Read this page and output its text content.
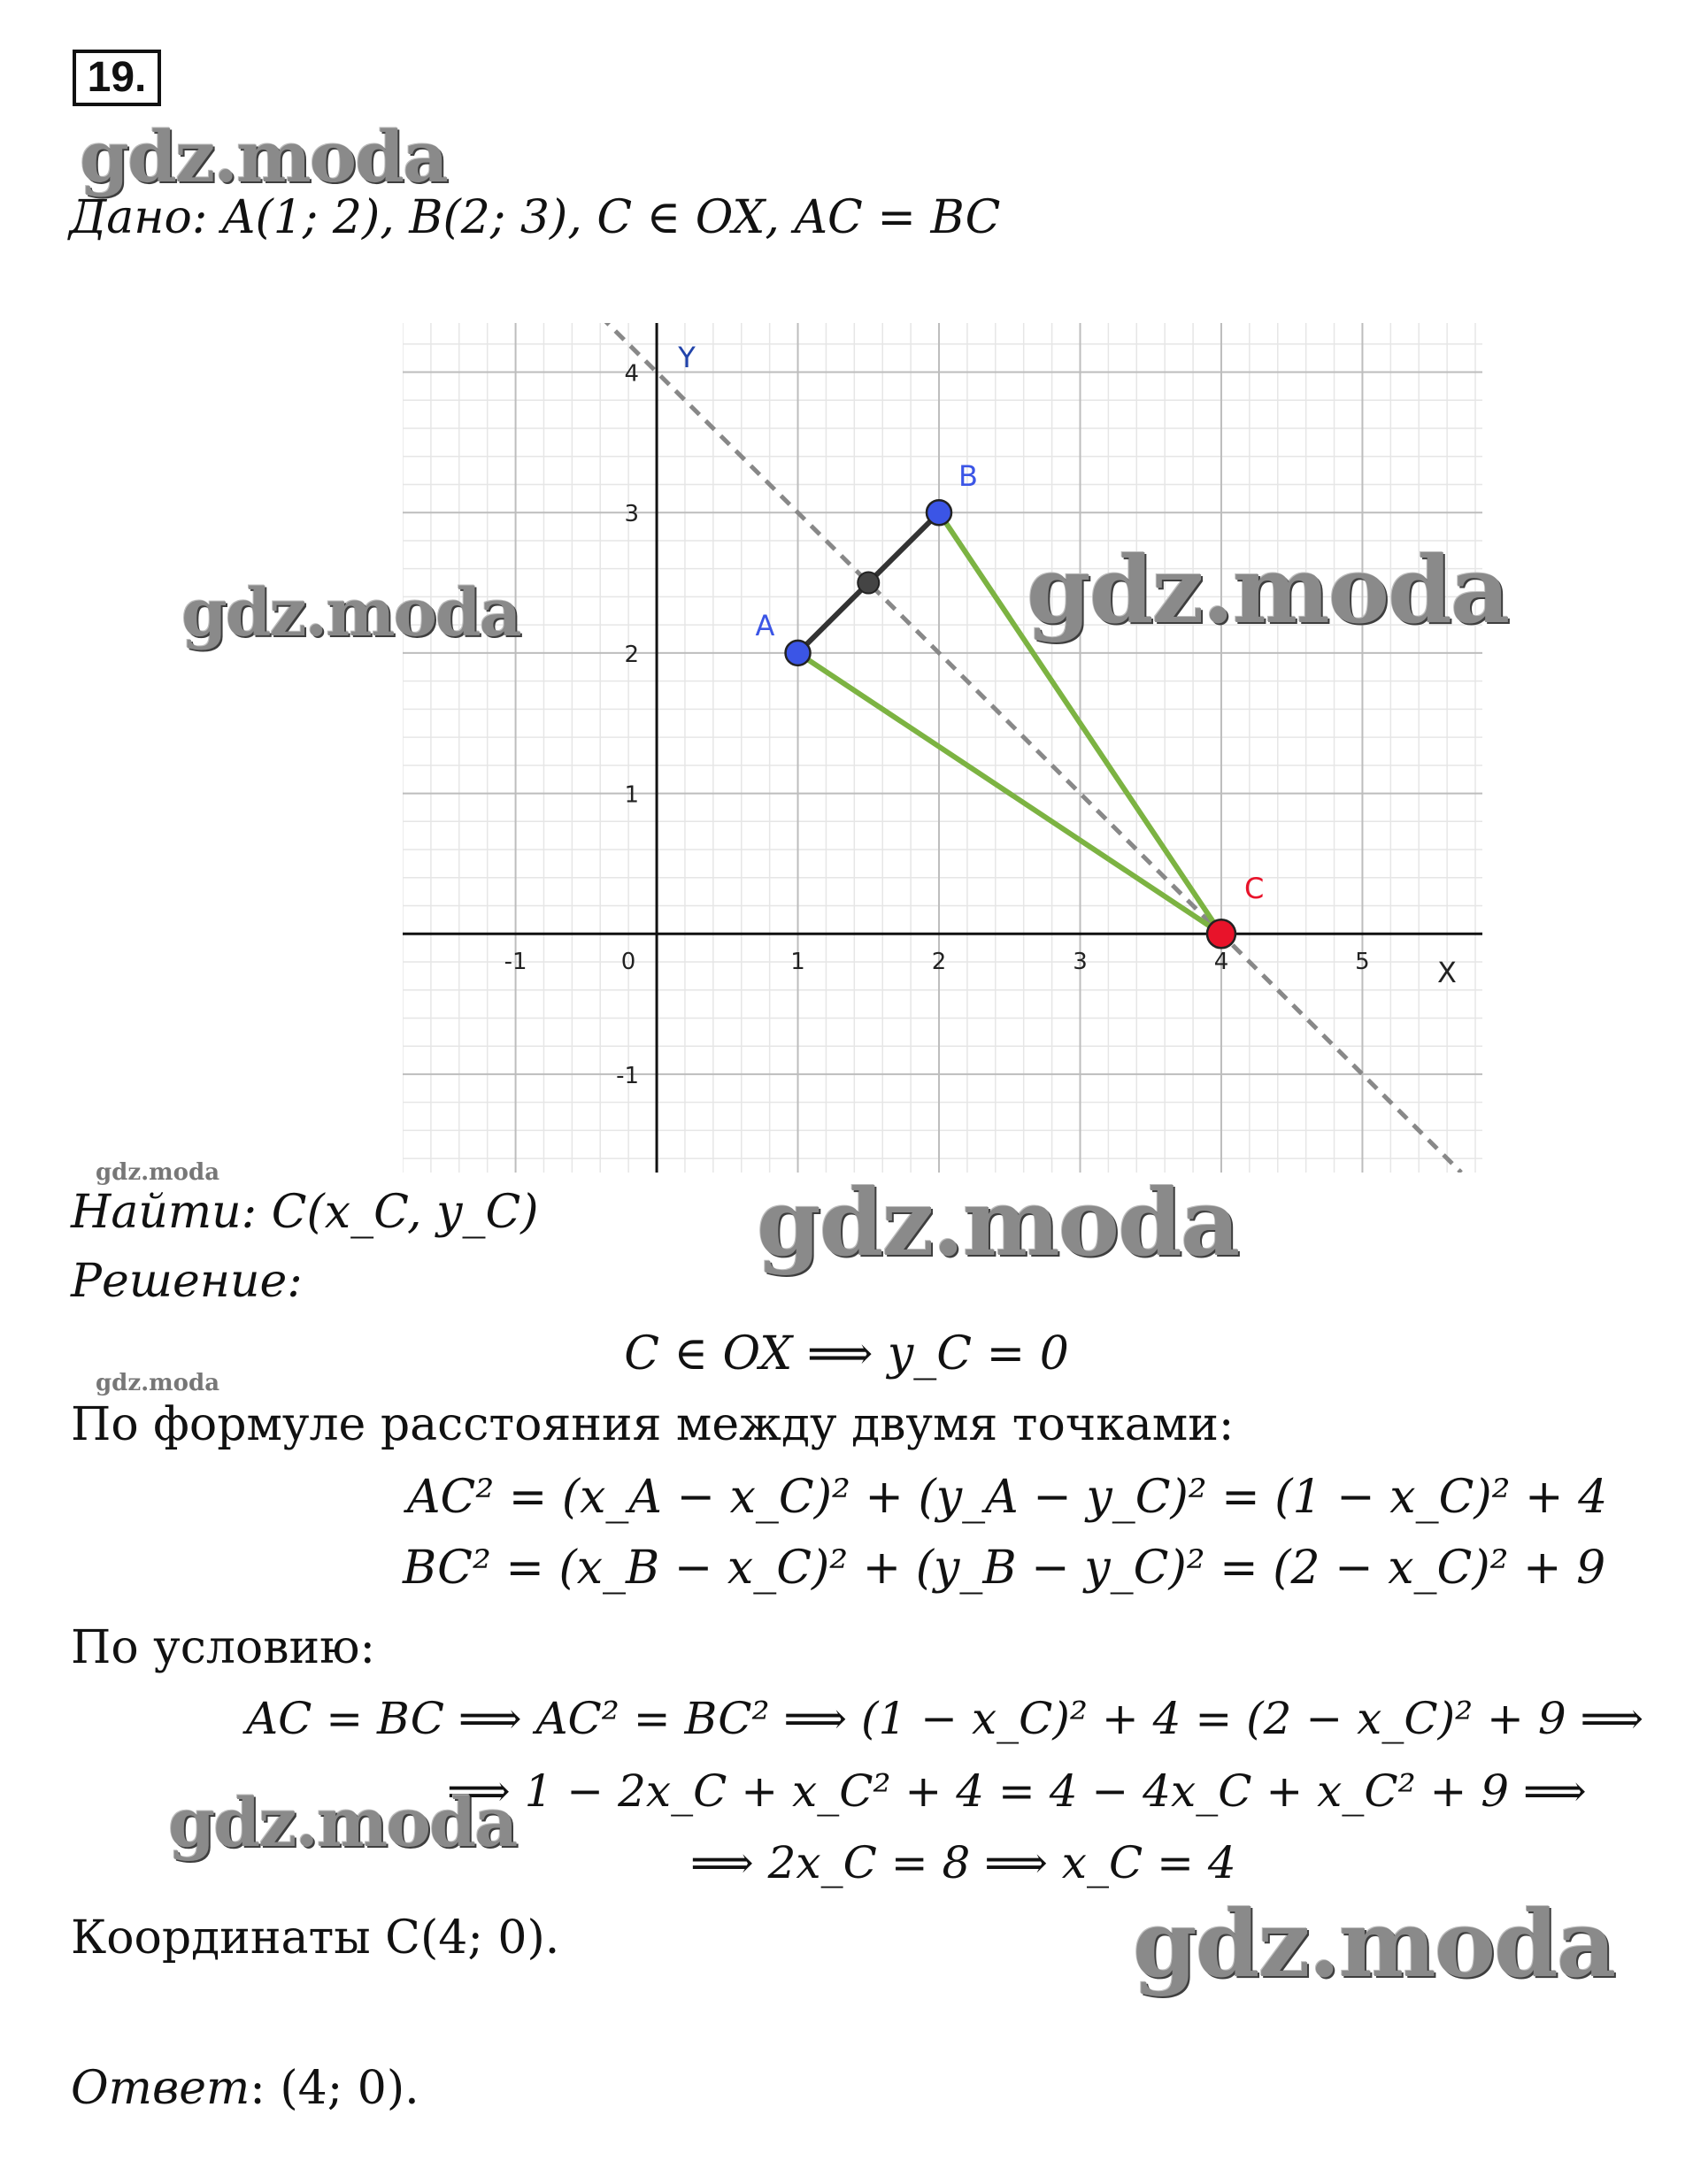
19.
gdz.moda
Дано: A(1; 2), B(2; 3), C ∈ OX, AC = BC
-1	0	1	2	3	4	5
-1
1
2
3
4
X
Y
A
B
C
gdz.moda	gdz.moda
gdz.moda
Найти: C(x_C, y_C) gdz.moda
Решение:
C ∈ OX ⟹ y_C = 0
gdz.moda
По формуле расстояния между двумя точками:
AC² = (x_A − x_C)² + (y_A − y_C)² = (1 − x_C)² + 4
BC² = (x_B − x_C)² + (y_B − y_C)² = (2 − x_C)² + 9
По условию:
AC = BC ⟹ AC² = BC² ⟹ (1 − x_C)² + 4 = (2 − x_C)² + 9 ⟹
⟹ 1 − 2x_C + x_C² + 4 = 4 − 4x_C + x_C² + 9 ⟹
⟹ 2x_C = 8 ⟹ x_C = 4
gdz.moda
Координаты C(4; 0).	gdz.moda
Ответ: (4; 0).
